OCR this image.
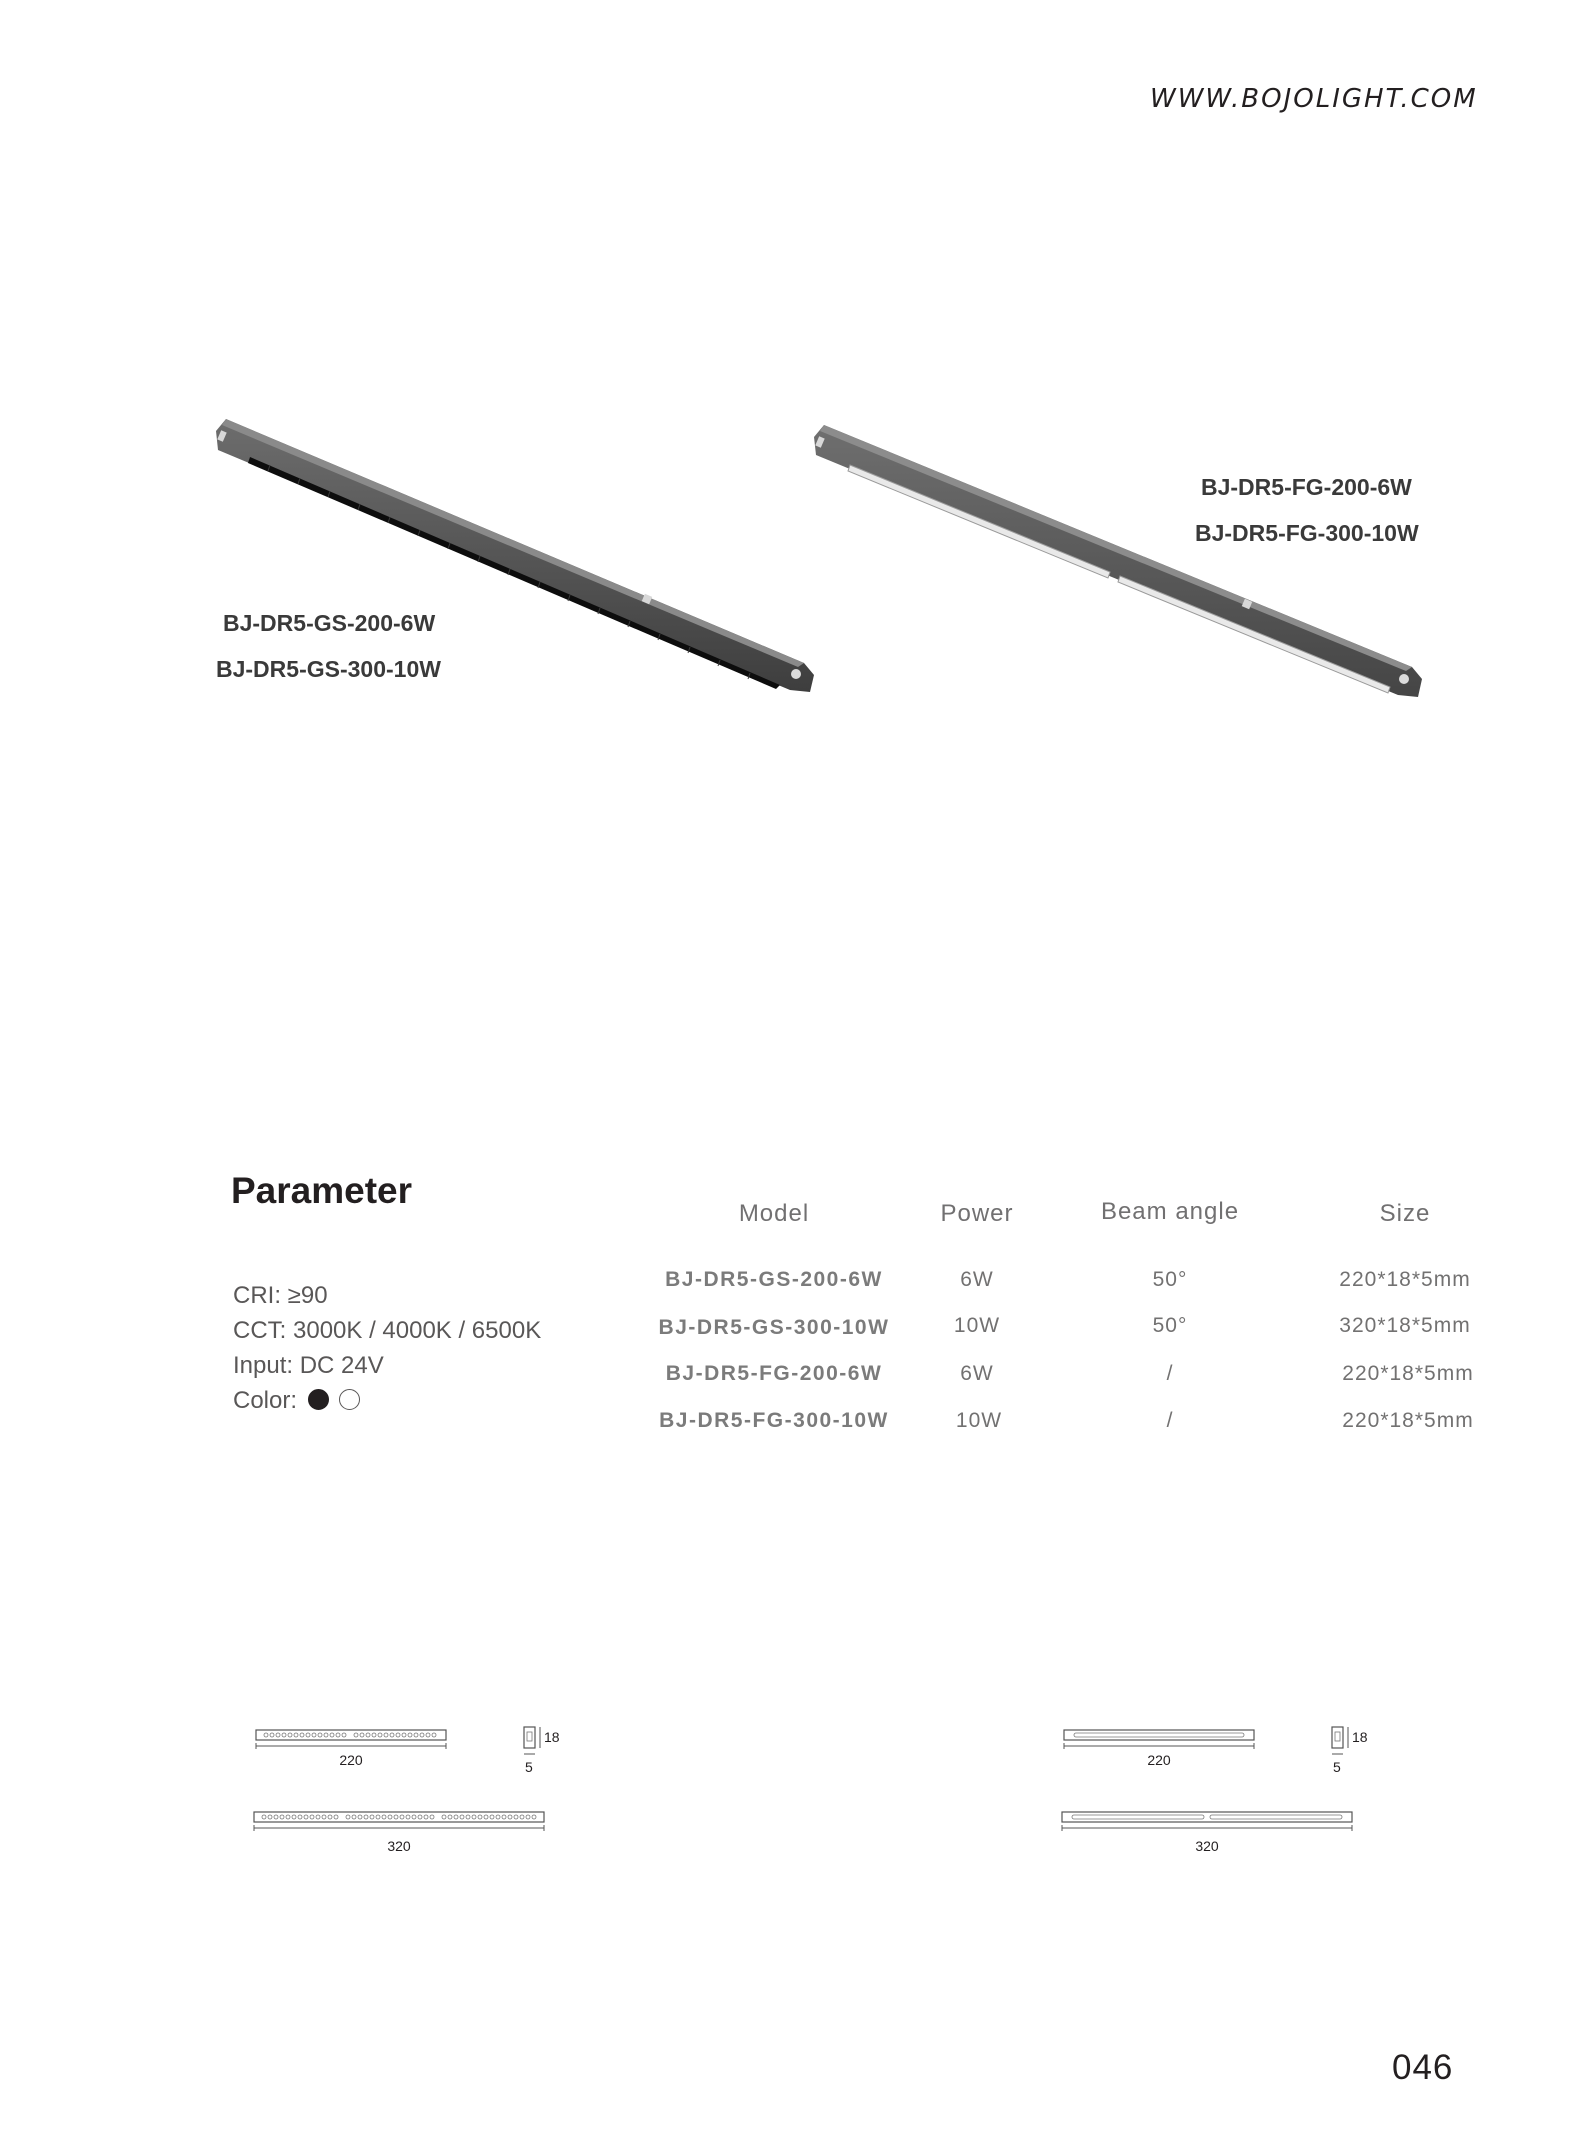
WWW.BOJOLIGHT.COM
BJ-DR5-GS-200-6W
BJ-DR5-GS-300-10W
BJ-DR5-FG-200-6W
BJ-DR5-FG-300-10W
Parameter
CRI: ≥90
CCT: 3000K / 4000K / 6500K
Input: DC 24V
Color:
Model	Power	Beam angle	Size
BJ-DR5-GS-200-6W	6W	50°	220*18*5mm
BJ-DR5-GS-300-10W	10W	50°	320*18*5mm
BJ-DR5-FG-200-6W	6W	/	220*18*5mm
BJ-DR5-FG-300-10W	10W	/	220*18*5mm
220
18
5
320
220
18
5
320
046
